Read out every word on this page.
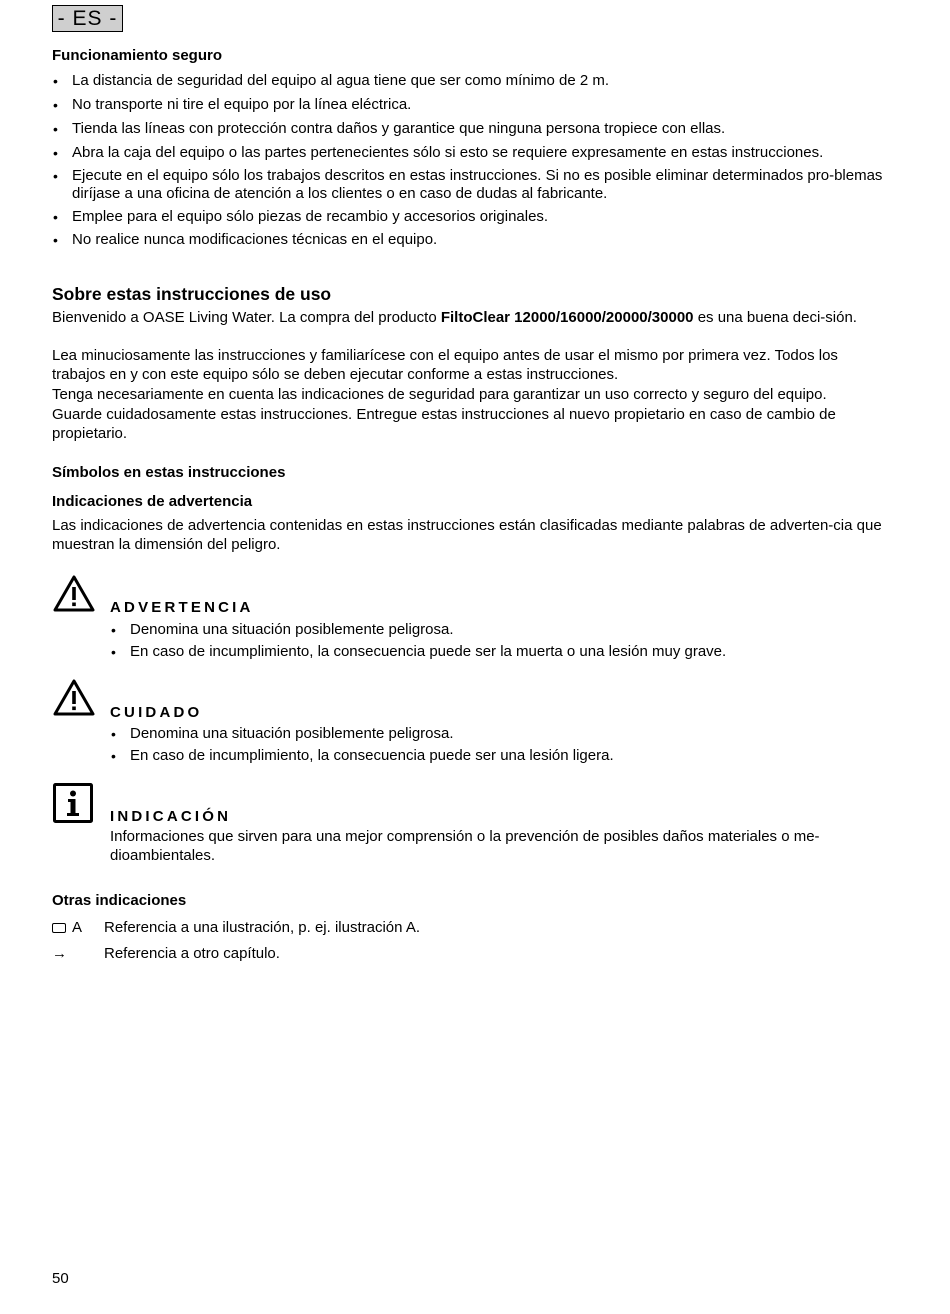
- ES -
Funcionamiento seguro
• La distancia de seguridad del equipo al agua tiene que ser como mínimo de 2 m.
• No transporte ni tire el equipo por la línea eléctrica.
• Tienda las líneas con protección contra daños y garantice que ninguna persona tropiece con ellas.
• Abra la caja del equipo o las partes pertenecientes sólo si esto se requiere expresamente en estas instrucciones.
• Ejecute en el equipo sólo los trabajos descritos en estas instrucciones. Si no es posible eliminar determinados pro-blemas diríjase a una oficina de atención a los clientes o en caso de dudas al fabricante.
• Emplee para el equipo sólo piezas de recambio y accesorios originales.
• No realice nunca modificaciones técnicas en el equipo.
Sobre estas instrucciones de uso
Bienvenido a OASE Living Water. La compra del producto FiltoClear 12000/16000/20000/30000 es una buena deci-sión.
Lea minuciosamente las instrucciones y familiarícese con el equipo antes de usar el mismo por primera vez. Todos los trabajos en y con este equipo sólo se deben ejecutar conforme a estas instrucciones.
Tenga necesariamente en cuenta las indicaciones de seguridad para garantizar un uso correcto y seguro del equipo.
Guarde cuidadosamente estas instrucciones. Entregue estas instrucciones al nuevo propietario en caso de cambio de propietario.
Símbolos en estas instrucciones
Indicaciones de advertencia
Las indicaciones de advertencia contenidas en estas instrucciones están clasificadas mediante palabras de adverten-cia que muestran la dimensión del peligro.
ADVERTENCIA
• Denomina una situación posiblemente peligrosa.
• En caso de incumplimiento, la consecuencia puede ser la muerta o una lesión muy grave.
CUIDADO
• Denomina una situación posiblemente peligrosa.
• En caso de incumplimiento, la consecuencia puede ser una lesión ligera.
INDICACIÓN
Informaciones que sirven para una mejor comprensión o la prevención de posibles daños materiales o me-dioambientales.
Otras indicaciones
A	Referencia a una ilustración, p. ej. ilustración A.
→	Referencia a otro capítulo.
50
